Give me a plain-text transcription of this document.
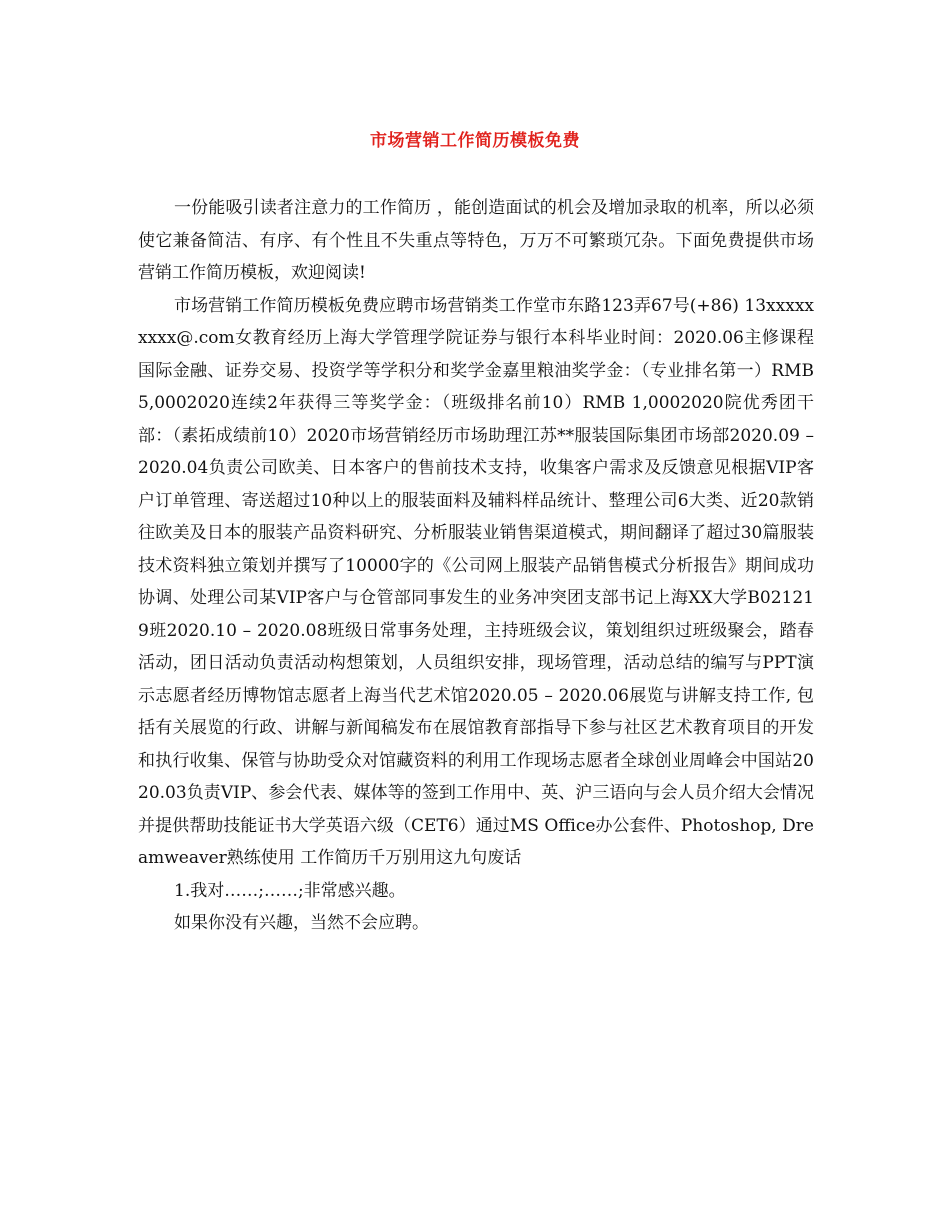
市场营销工作简历模板免费

一份能吸引读者注意力的工作简历 ，能创造面试的机会及增加录取的机率，所以必须使它兼备简洁、有序、有个性且不失重点等特色，万万不可繁琐冗杂。下面免费提供市场营销工作简历模板，欢迎阅读!

市场营销工作简历模板免费应聘市场营销类工作堂市东路123弄67号(+86) 13xxxxxxxxx@.com女教育经历上海大学管理学院证券与银行本科毕业时间：2020.06主修课程国际金融、证券交易、投资学等学积分和奖学金嘉里粮油奖学金：（专业排名第一）RMB 5,0002020连续2年获得三等奖学金：（班级排名前10）RMB 1,0002020院优秀团干部：（素拓成绩前10）2020市场营销经历市场助理江苏**服装国际集团市场部2020.09 – 2020.04负责公司欧美、日本客户的售前技术支持，收集客户需求及反馈意见根据VIP客户订单管理、寄送超过10种以上的服装面料及辅料样品统计、整理公司6大类、近20款销往欧美及日本的服装产品资料研究、分析服装业销售渠道模式，期间翻译了超过30篇服装技术资料独立策划并撰写了10000字的《公司网上服装产品销售模式分析报告》期间成功协调、处理公司某VIP客户与仓管部同事发生的业务冲突团支部书记上海XX大学B021219班2020.10 – 2020.08班级日常事务处理，主持班级会议，策划组织过班级聚会，踏春活动，团日活动负责活动构想策划，人员组织安排，现场管理，活动总结的编写与PPT演示志愿者经历博物馆志愿者上海当代艺术馆2020.05 – 2020.06展览与讲解支持工作, 包括有关展览的行政、讲解与新闻稿发布在展馆教育部指导下参与社区艺术教育项目的开发和执行收集、保管与协助受众对馆藏资料的利用工作现场志愿者全球创业周峰会中国站2020.03负责VIP、参会代表、媒体等的签到工作用中、英、沪三语向与会人员介绍大会情况并提供帮助技能证书大学英语六级（CET6）通过MS Office办公套件、Photoshop, Dreamweaver熟练使用 工作简历千万别用这九句废话

1.我对……;……;非常感兴趣。

如果你没有兴趣，当然不会应聘。
